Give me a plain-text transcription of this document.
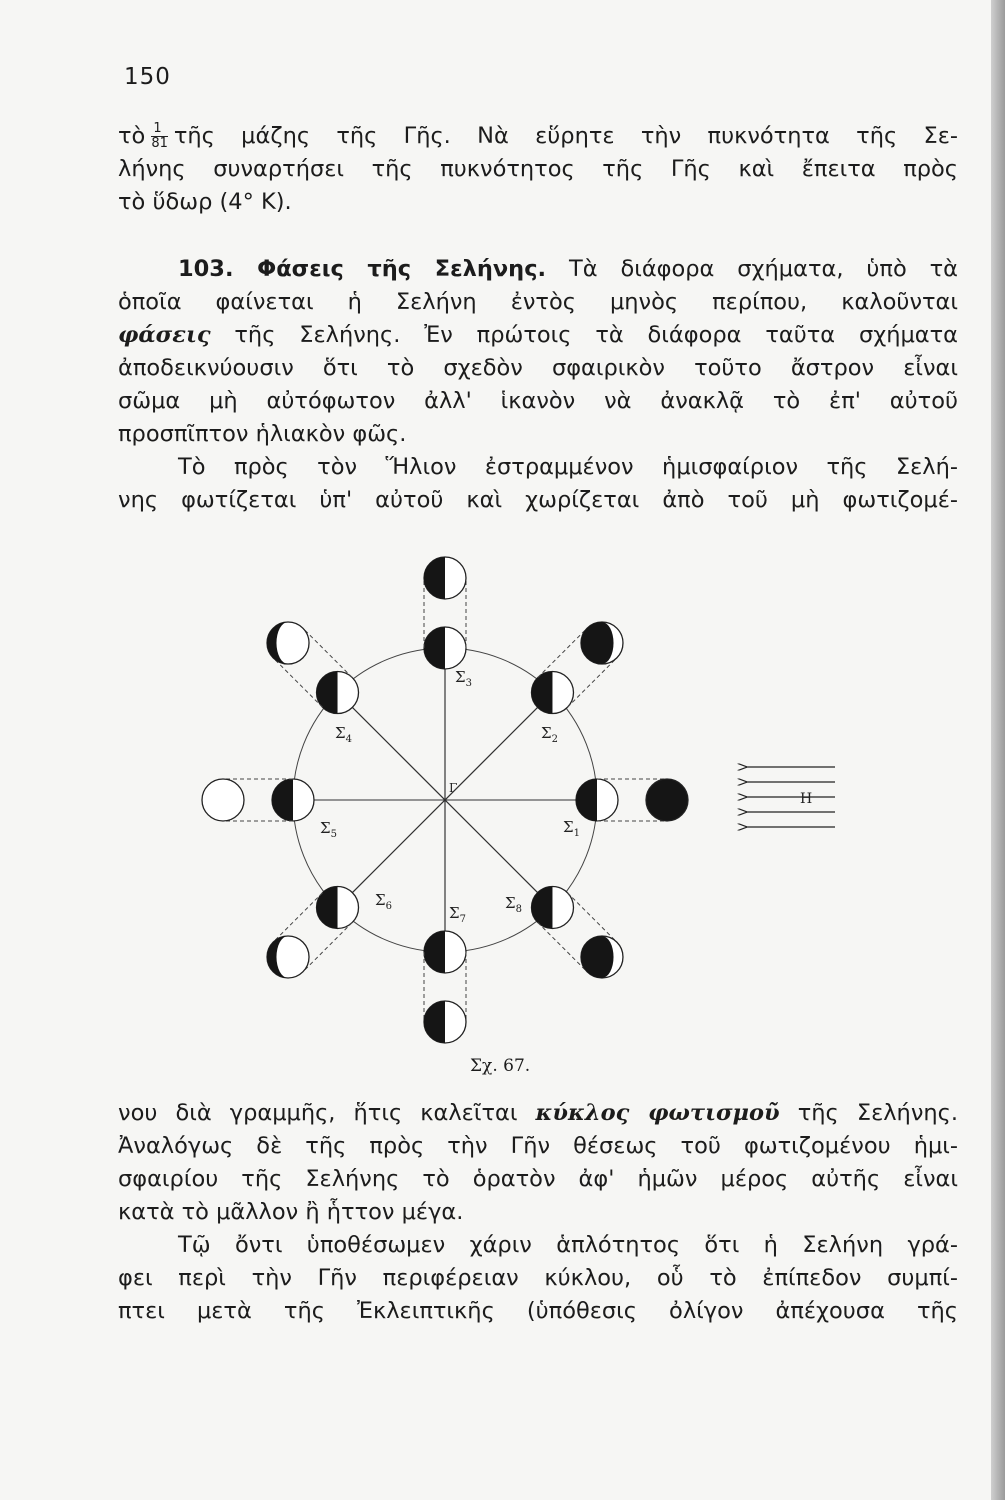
150
τὸ $\frac{1}{81}$ τῆς μάζης τῆς Γῆς. Νὰ εὕρητε τὴν πυκνότητα τῆς Σε-
λήνης συναρτήσει τῆς πυκνότητος τῆς Γῆς καὶ ἔπειτα πρὸς
τὸ ὕδωρ (4° Κ).
103. Φάσεις τῆς Σελήνης. Τὰ διάφορα σχήματα, ὑπὸ τὰ
ὁποῖα φαίνεται ἡ Σελήνη ἐντὸς μηνὸς περίπου, καλοῦνται
φάσεις τῆς Σελήνης. Ἐν πρώτοις τὰ διάφορα ταῦτα σχήματα
ἀποδεικνύουσιν ὅτι τὸ σχεδὸν σφαιρικὸν τοῦτο ἄστρον εἶναι
σῶμα μὴ αὐτόφωτον ἀλλ' ἱκανὸν νὰ ἀνακλᾷ τὸ ἐπ' αὐτοῦ
προσπῖπτον ἡλιακὸν φῶς.
Τὸ πρὸς τὸν Ἥλιον ἐστραμμένον ἡμισφαίριον τῆς Σελή-
νης φωτίζεται ὑπ' αὐτοῦ καὶ χωρίζεται ἀπὸ τοῦ μὴ φωτιζομέ-
Η
Γ
$\Sigma_1$
$\Sigma_2$
$\Sigma_3$
$\Sigma_4$
$\Sigma_5$
$\Sigma_6$	$\Sigma_7$
$\Sigma_8$
Σχ. 67.
νου διὰ γραμμῆς, ἥτις καλεῖται κύκλος φωτισμοῦ τῆς Σελήνης.
Ἀναλόγως δὲ τῆς πρὸς τὴν Γῆν θέσεως τοῦ φωτιζομένου ἡμι-
σφαιρίου τῆς Σελήνης τὸ ὁρατὸν ἀφ' ἡμῶν μέρος αὐτῆς εἶναι
κατὰ τὸ μᾶλλον ἢ ἧττον μέγα.
Τῷ ὄντι ὑποθέσωμεν χάριν ἁπλότητος ὅτι ἡ Σελήνη γρά-
φει περὶ τὴν Γῆν περιφέρειαν κύκλου, οὗ τὸ ἐπίπεδον συμπί-
πτει μετὰ τῆς Ἐκλειπτικῆς (ὑπόθεσις ὀλίγον ἀπέχουσα τῆς
